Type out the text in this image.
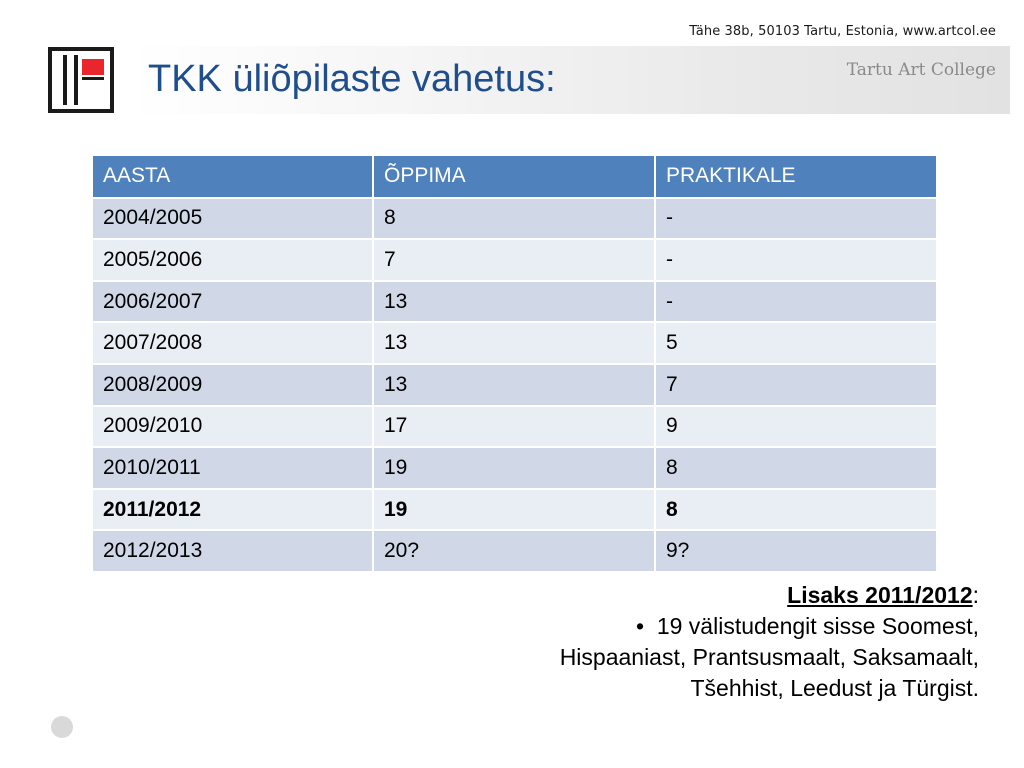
Tähe 38b, 50103 Tartu, Estonia, www.artcol.ee
TKK üliõpilaste vahetus:	Tartu Art College
AASTA	ÕPPIMA	PRAKTIKALE
2004/2005	8	-
2005/2006	7	-
2006/2007	13	-
2007/2008	13	5
2008/2009	13	7
2009/2010	17	9
2010/2011	19	8
2011/2012	19	8
2012/2013	20?	9?
Lisaks 2011/2012:
• 19 välistudengit sisse Soomest, Hispaaniast, Prantsusmaalt, Saksamaalt, Tšehhist, Leedust ja Türgist.
